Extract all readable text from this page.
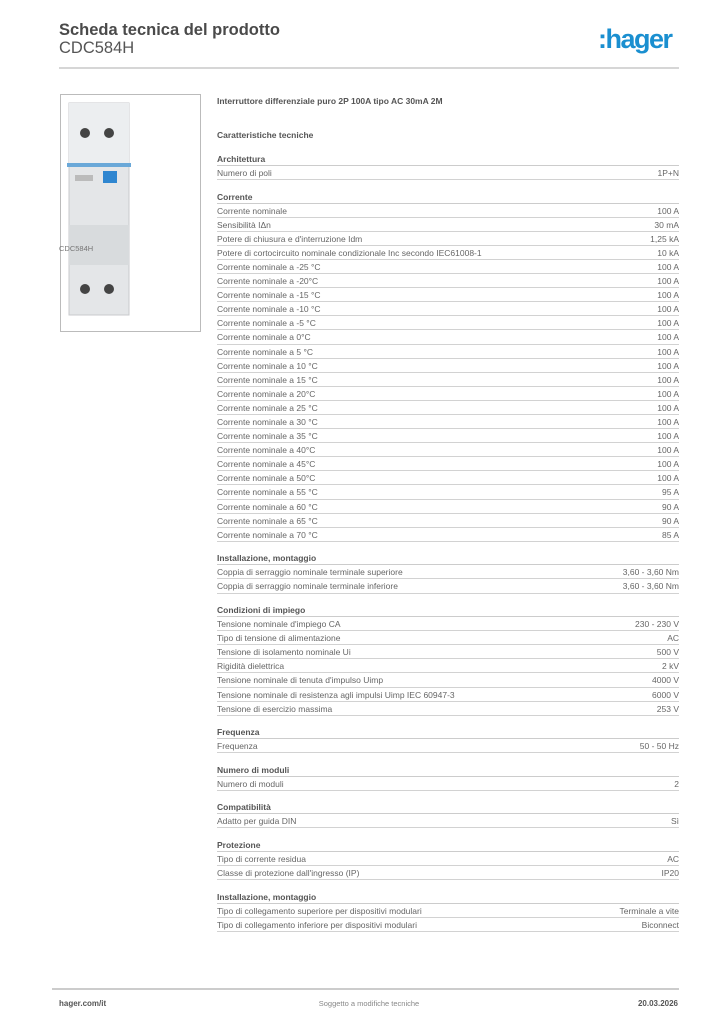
Scheda tecnica del prodotto
CDC584H	:hager
CDC584H
Interruttore differenziale puro 2P 100A tipo AC 30mA 2M
Caratteristiche tecniche
Architettura
Numero di poli	1P+N
Corrente
Corrente nominale	100 A
Sensibilità IΔn	30 mA
Potere di chiusura e d'interruzione Idm	1,25 kA
Potere di cortocircuito nominale condizionale Inc secondo IEC61008-1	10 kA
Corrente nominale a -25 °C	100 A
Corrente nominale a -20°C	100 A
Corrente nominale a -15 °C	100 A
Corrente nominale a -10 °C	100 A
Corrente nominale a -5 °C	100 A
Corrente nominale a 0°C	100 A
Corrente nominale a 5 °C	100 A
Corrente nominale a 10 °C	100 A
Corrente nominale a 15 °C	100 A
Corrente nominale a 20°C	100 A
Corrente nominale a 25 °C	100 A
Corrente nominale a 30 °C	100 A
Corrente nominale a 35 °C	100 A
Corrente nominale a 40°C	100 A
Corrente nominale a 45°C	100 A
Corrente nominale a 50°C	100 A
Corrente nominale a 55 °C	95 A
Corrente nominale a 60 °C	90 A
Corrente nominale a 65 °C	90 A
Corrente nominale a 70 °C	85 A
Installazione, montaggio
Coppia di serraggio nominale terminale superiore	3,60 - 3,60 Nm
Coppia di serraggio nominale terminale inferiore	3,60 - 3,60 Nm
Condizioni di impiego
Tensione nominale d'impiego CA	230 - 230 V
Tipo di tensione di alimentazione	AC
Tensione di isolamento nominale Ui	500 V
Rigidità dielettrica	2 kV
Tensione nominale di tenuta d'impulso Uimp	4000 V
Tensione nominale di resistenza agli impulsi Uimp IEC 60947-3	6000 V
Tensione di esercizio massima	253 V
Frequenza
Frequenza	50 - 50 Hz
Numero di moduli
Numero di moduli	2
Compatibilità
Adatto per guida DIN	Sì
Protezione
Tipo di corrente residua	AC
Classe di protezione dall'ingresso (IP)	IP20
Installazione, montaggio
Tipo di collegamento superiore per dispositivi modulari	Terminale a vite
Tipo di collegamento inferiore per dispositivi modulari	Biconnect
hager.com/it	Soggetto a modifiche tecniche	20.03.2026
